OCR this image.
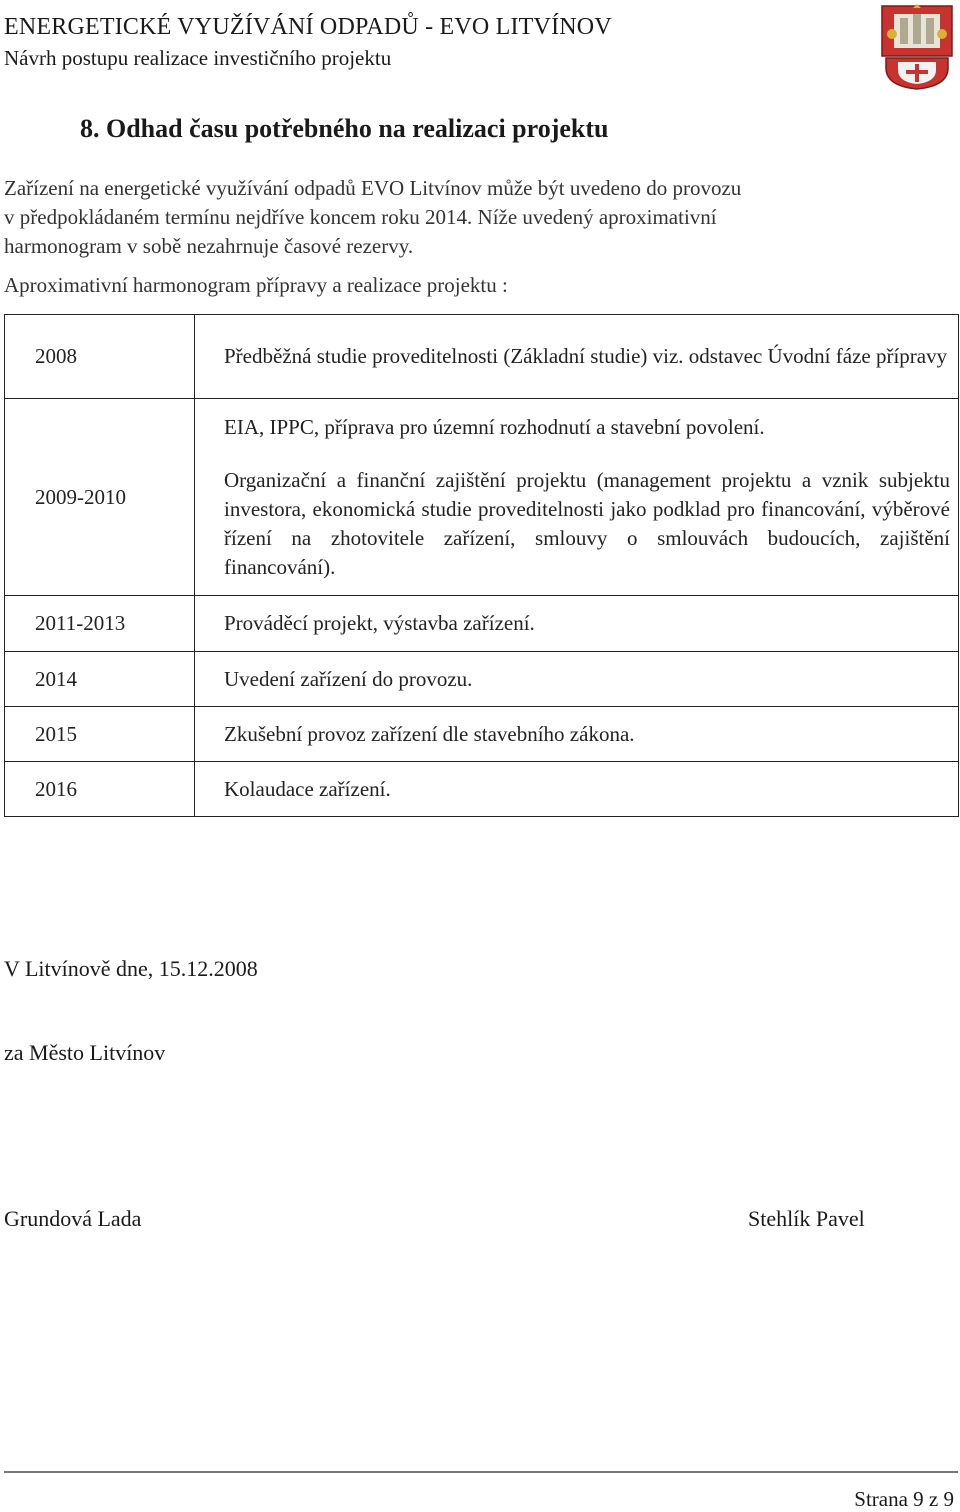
ENERGETICKÉ VYUŽÍVÁNÍ ODPADŮ - EVO LITVÍNOV
Návrh postupu realizace investičního projektu
8. Odhad času potřebného na realizaci projektu
Zařízení na energetické využívání odpadů EVO Litvínov může být uvedeno do provozu
v předpokládaném termínu nejdříve koncem roku 2014. Níže uvedený aproximativní
harmonogram v sobě nezahrnuje časové rezervy.
Aproximativní harmonogram přípravy a realizace projektu :
2008	Předběžná studie proveditelnosti (Základní studie) viz. odstavec Úvodní fáze přípravy
2009-2010	EIA, IPPC, příprava pro územní rozhodnutí a stavební povolení.
Organizační a finanční zajištění projektu (management projektu a vznik subjektu investora, ekonomická studie proveditelnosti jako podklad pro financování, výběrové řízení na zhotovitele zařízení, smlouvy o smlouvách budoucích, zajištění financování).

2011-2013	Prováděcí projekt, výstavba zařízení.
2014	Uvedení zařízení do provozu.
2015	Zkušební provoz zařízení dle stavebního zákona.
2016	Kolaudace zařízení.
V Litvínově dne, 15.12.2008
za Město Litvínov
Grundová Lada	Stehlík Pavel
Strana 9 z 9
